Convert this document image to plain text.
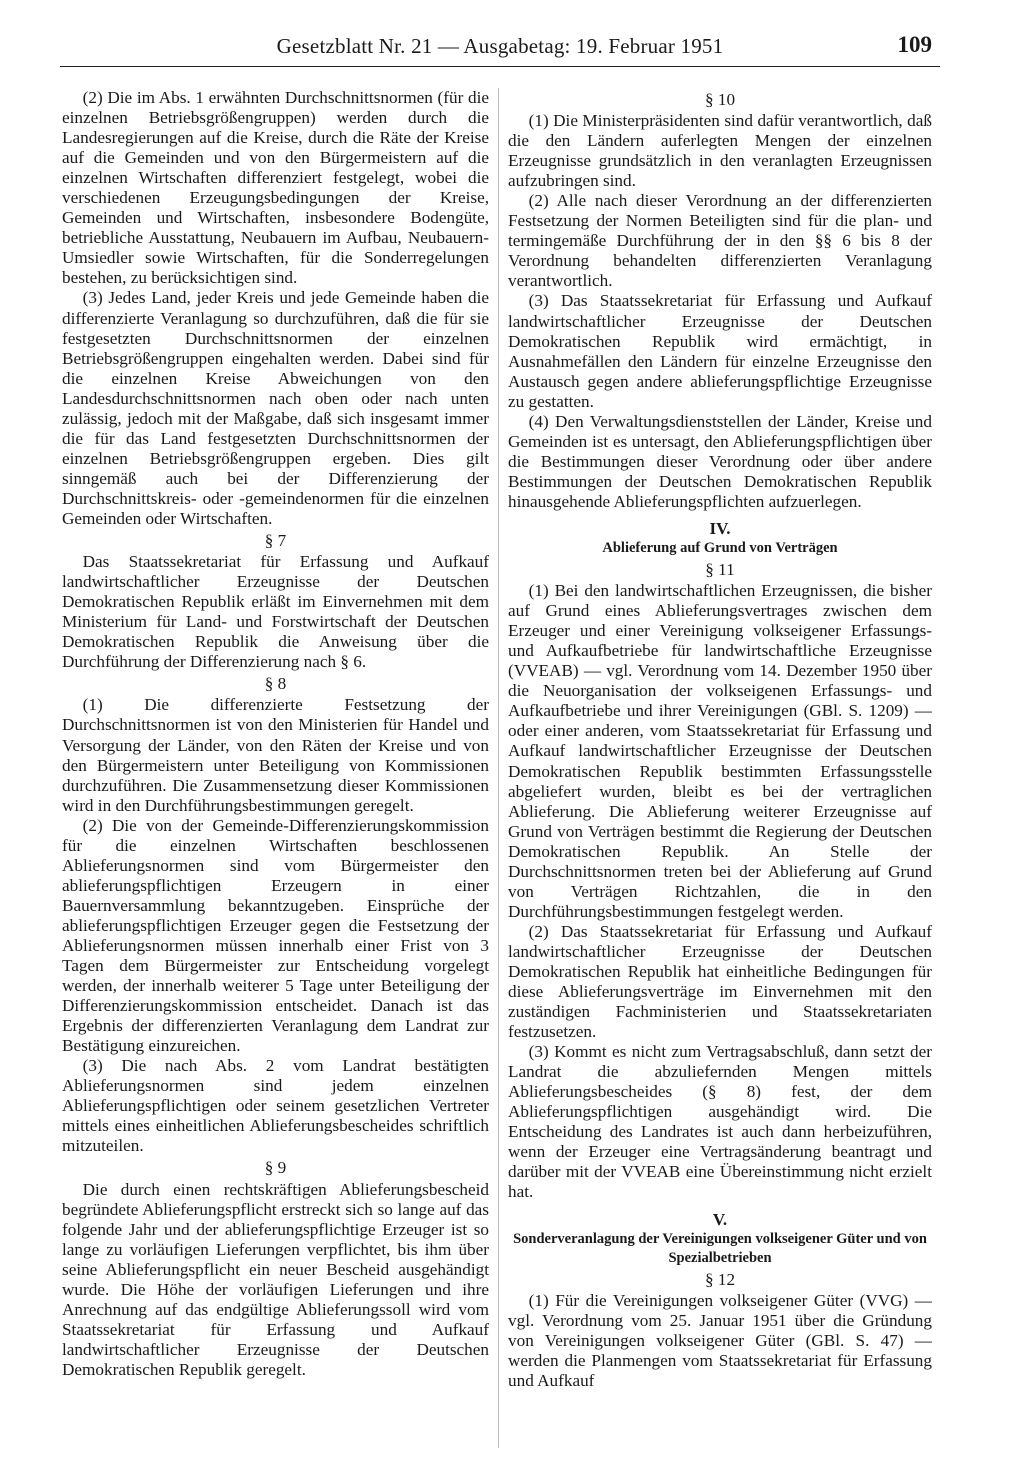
Gesetzblatt Nr. 21 — Ausgabetag: 19. Februar 1951	109

(2) Die im Abs. 1 erwähnten Durchschnittsnormen (für die einzelnen Betriebsgrößengruppen) werden durch die Landesregierungen auf die Kreise, durch die Räte der Kreise auf die Gemeinden und von den Bürgermeistern auf die einzelnen Wirtschaften differenziert festgelegt, wobei die verschiedenen Erzeugungsbedingungen der Kreise, Gemeinden und Wirtschaften, insbesondere Bodengüte, betriebliche Ausstattung, Neubauern im Aufbau, Neubauern-Umsiedler sowie Wirtschaften, für die Sonderregelungen bestehen, zu berücksichtigen sind.

(3) Jedes Land, jeder Kreis und jede Gemeinde haben die differenzierte Veranlagung so durchzuführen, daß die für sie festgesetzten Durchschnittsnormen der einzelnen Betriebsgrößengruppen eingehalten werden. Dabei sind für die einzelnen Kreise Abweichungen von den Landesdurchschnittsnormen nach oben oder nach unten zulässig, jedoch mit der Maßgabe, daß sich insgesamt immer die für das Land festgesetzten Durchschnittsnormen der einzelnen Betriebsgrößengruppen ergeben. Dies gilt sinngemäß auch bei der Differenzierung der Durchschnittskreis- oder -gemeindenormen für die einzelnen Gemeinden oder Wirtschaften.

§ 7

Das Staatssekretariat für Erfassung und Aufkauf landwirtschaftlicher Erzeugnisse der Deutschen Demokratischen Republik erläßt im Einvernehmen mit dem Ministerium für Land- und Forstwirtschaft der Deutschen Demokratischen Republik die Anweisung über die Durchführung der Differenzierung nach § 6.

§ 8

(1) Die differenzierte Festsetzung der Durchschnittsnormen ist von den Ministerien für Handel und Versorgung der Länder, von den Räten der Kreise und von den Bürgermeistern unter Beteiligung von Kommissionen durchzuführen. Die Zusammensetzung dieser Kommissionen wird in den Durchführungsbestimmungen geregelt.

(2) Die von der Gemeinde-Differenzierungskommission für die einzelnen Wirtschaften beschlossenen Ablieferungsnormen sind vom Bürgermeister den ablieferungspflichtigen Erzeugern in einer Bauernversammlung bekanntzugeben. Einsprüche der ablieferungspflichtigen Erzeuger gegen die Festsetzung der Ablieferungsnormen müssen innerhalb einer Frist von 3 Tagen dem Bürgermeister zur Entscheidung vorgelegt werden, der innerhalb weiterer 5 Tage unter Beteiligung der Differenzierungskommission entscheidet. Danach ist das Ergebnis der differenzierten Veranlagung dem Landrat zur Bestätigung einzureichen.

(3) Die nach Abs. 2 vom Landrat bestätigten Ablieferungsnormen sind jedem einzelnen Ablieferungspflichtigen oder seinem gesetzlichen Vertreter mittels eines einheitlichen Ablieferungsbescheides schriftlich mitzuteilen.

§ 9

Die durch einen rechtskräftigen Ablieferungsbescheid begründete Ablieferungspflicht erstreckt sich so lange auf das folgende Jahr und der ablieferungspflichtige Erzeuger ist so lange zu vorläufigen Lieferungen verpflichtet, bis ihm über seine Ablieferungspflicht ein neuer Bescheid ausgehändigt wurde. Die Höhe der vorläufigen Lieferungen und ihre Anrechnung auf das endgültige Ablieferungssoll wird vom Staatssekretariat für Erfassung und Aufkauf landwirtschaftlicher Erzeugnisse der Deutschen Demokratischen Republik geregelt.

§ 10

(1) Die Ministerpräsidenten sind dafür verantwortlich, daß die den Ländern auferlegten Mengen der einzelnen Erzeugnisse grundsätzlich in den veranlagten Erzeugnissen aufzubringen sind.

(2) Alle nach dieser Verordnung an der differenzierten Festsetzung der Normen Beteiligten sind für die plan- und termingemäße Durchführung der in den §§ 6 bis 8 der Verordnung behandelten differenzierten Veranlagung verantwortlich.

(3) Das Staatssekretariat für Erfassung und Aufkauf landwirtschaftlicher Erzeugnisse der Deutschen Demokratischen Republik wird ermächtigt, in Ausnahmefällen den Ländern für einzelne Erzeugnisse den Austausch gegen andere ablieferungspflichtige Erzeugnisse zu gestatten.

(4) Den Verwaltungsdienststellen der Länder, Kreise und Gemeinden ist es untersagt, den Ablieferungspflichtigen über die Bestimmungen dieser Verordnung oder über andere Bestimmungen der Deutschen Demokratischen Republik hinausgehende Ablieferungspflichten aufzuerlegen.

IV.
Ablieferung auf Grund von Verträgen
§ 11

(1) Bei den landwirtschaftlichen Erzeugnissen, die bisher auf Grund eines Ablieferungsvertrages zwischen dem Erzeuger und einer Vereinigung volkseigener Erfassungs- und Aufkaufbetriebe für landwirtschaftliche Erzeugnisse (VVEAB) — vgl. Verordnung vom 14. Dezember 1950 über die Neuorganisation der volkseigenen Erfassungs- und Aufkaufbetriebe und ihrer Vereinigungen (GBl. S. 1209) — oder einer anderen, vom Staatssekretariat für Erfassung und Aufkauf landwirtschaftlicher Erzeugnisse der Deutschen Demokratischen Republik bestimmten Erfassungsstelle abgeliefert wurden, bleibt es bei der vertraglichen Ablieferung. Die Ablieferung weiterer Erzeugnisse auf Grund von Verträgen bestimmt die Regierung der Deutschen Demokratischen Republik. An Stelle der Durchschnittsnormen treten bei der Ablieferung auf Grund von Verträgen Richtzahlen, die in den Durchführungsbestimmungen festgelegt werden.

(2) Das Staatssekretariat für Erfassung und Aufkauf landwirtschaftlicher Erzeugnisse der Deutschen Demokratischen Republik hat einheitliche Bedingungen für diese Ablieferungsverträge im Einvernehmen mit den zuständigen Fachministerien und Staatssekretariaten festzusetzen.

(3) Kommt es nicht zum Vertragsabschluß, dann setzt der Landrat die abzuliefernden Mengen mittels Ablieferungsbescheides (§ 8) fest, der dem Ablieferungspflichtigen ausgehändigt wird. Die Entscheidung des Landrates ist auch dann herbeizuführen, wenn der Erzeuger eine Vertragsänderung beantragt und darüber mit der VVEAB eine Übereinstimmung nicht erzielt hat.

V.
Sonderveranlagung der Vereinigungen volkseigener Güter und von Spezialbetrieben
§ 12

(1) Für die Vereinigungen volkseigener Güter (VVG) — vgl. Verordnung vom 25. Januar 1951 über die Gründung von Vereinigungen volkseigener Güter (GBl. S. 47) — werden die Planmengen vom Staatssekretariat für Erfassung und Aufkauf
